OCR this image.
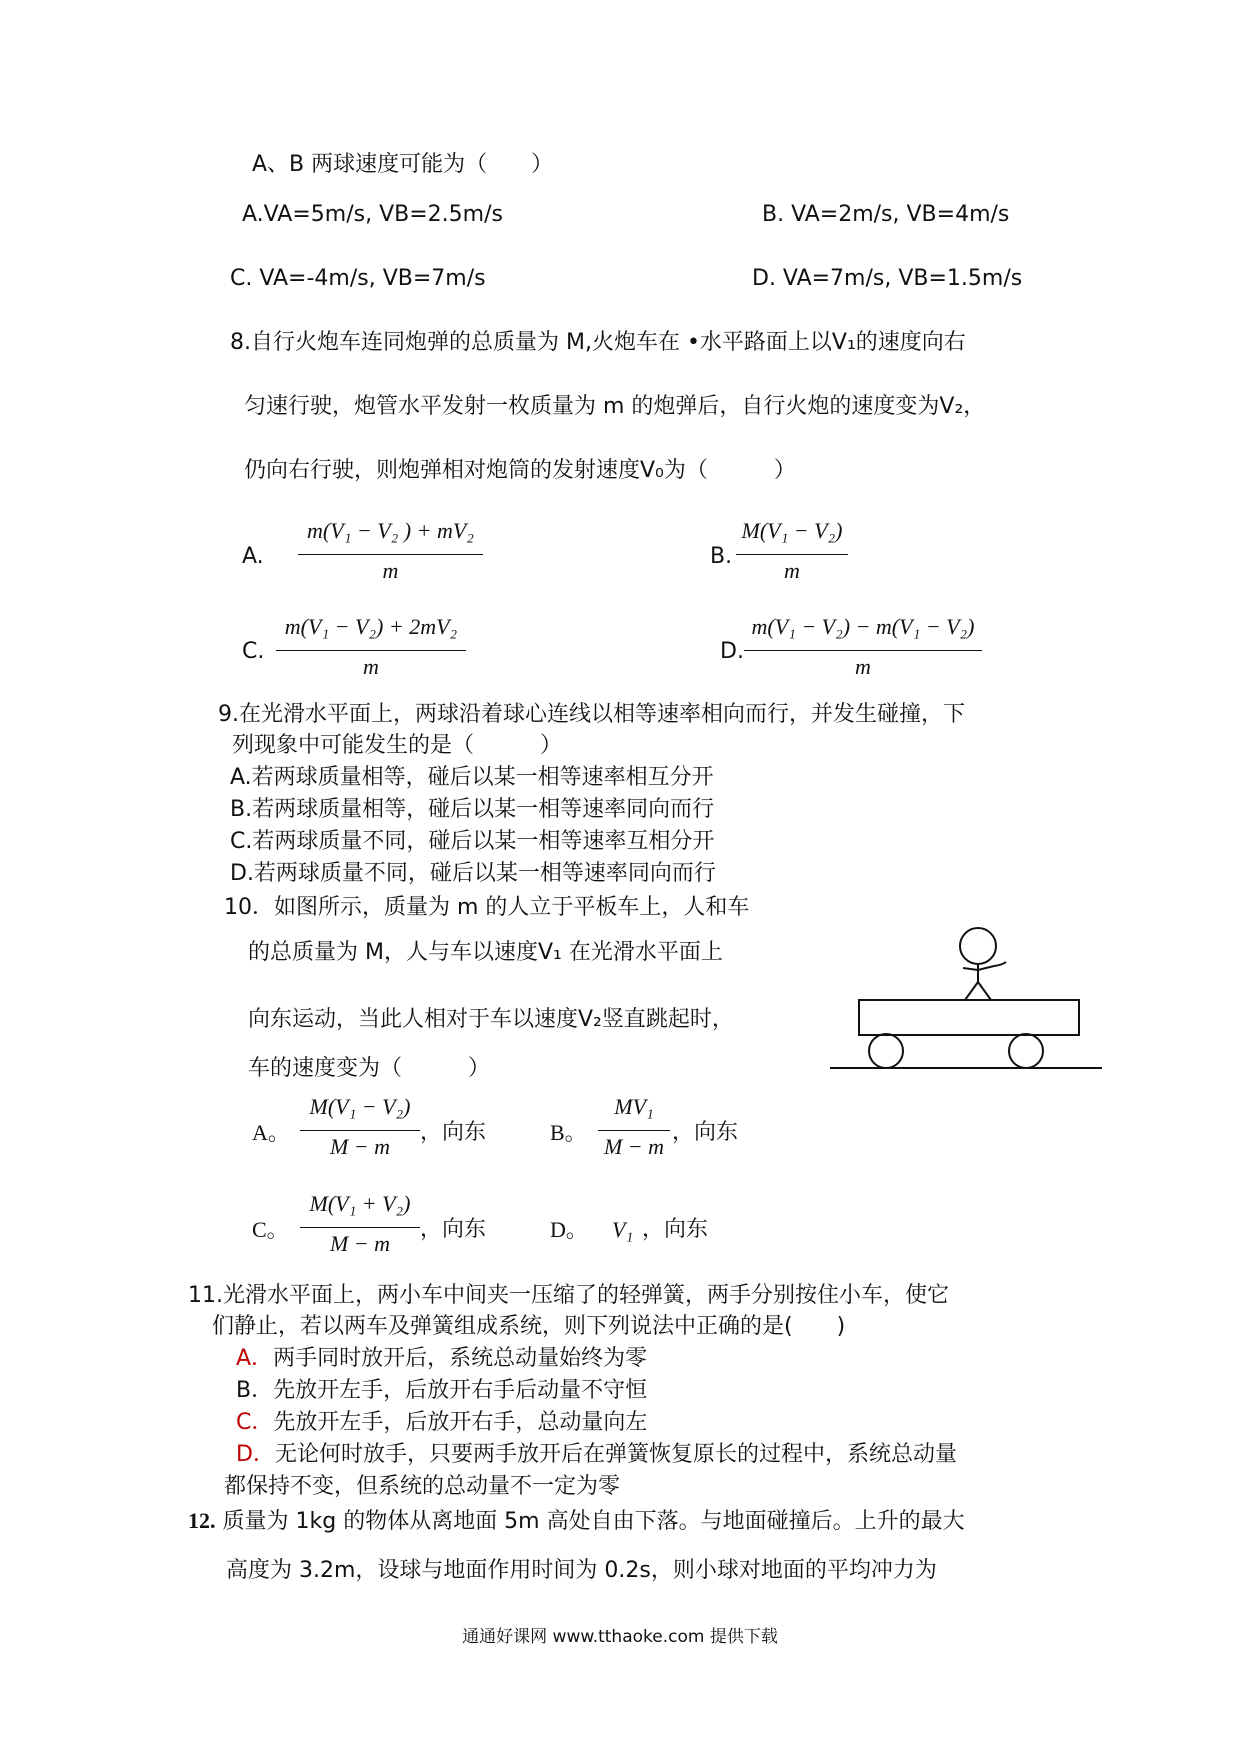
A、B 两球速度可能为（　　）
A.VA=5m/s, VB=2.5m/s	B. VA=2m/s, VB=4m/s
C. VA=-4m/s, VB=7m/s	D. VA=7m/s, VB=1.5m/s
8.自行火炮车连同炮弹的总质量为 M,火炮车在 •水平路面上以V₁的速度向右
匀速行驶，炮管水平发射一枚质量为 m 的炮弹后，自行火炮的速度变为V₂，
仍向右行驶，则炮弹相对炮筒的发射速度V₀为（　　　）
A.
m(V₁ − V₂ ) + mV₂
m
B.
M(V₁ − V₂)
m
C.
m(V₁ − V₂) + 2mV₂
m
D.
m(V₁ − V₂) − m(V₁ − V₂)
m
9.在光滑水平面上，两球沿着球心连线以相等速率相向而行，并发生碰撞，下
列现象中可能发生的是（　　　）
A.若两球质量相等，碰后以某一相等速率相互分开
B.若两球质量相等，碰后以某一相等速率同向而行
C.若两球质量不同，碰后以某一相等速率互相分开
D.若两球质量不同，碰后以某一相等速率同向而行
10．如图所示，质量为 m 的人立于平板车上，人和车
的总质量为 M，人与车以速度V₁ 在光滑水平面上
向东运动，当此人相对于车以速度V₂竖直跳起时，
车的速度变为（　　　）
A。
M(V₁ − V₂)
M − m
，向东	B。
MV₁
M − m
，向东
C。
M(V₁ + V₂)
M − m
，向东	D。 V₁ ，向东
11.光滑水平面上，两小车中间夹一压缩了的轻弹簧，两手分别按住小车，使它
们静止，若以两车及弹簧组成系统，则下列说法中正确的是(　　)
A．两手同时放开后，系统总动量始终为零
B．先放开左手，后放开右手后动量不守恒
C．先放开左手，后放开右手，总动量向左
D．无论何时放手，只要两手放开后在弹簧恢复原长的过程中，系统总动量
都保持不变，但系统的总动量不一定为零
12. 质量为 1kg 的物体从离地面 5m 高处自由下落。与地面碰撞后。上升的最大
高度为 3.2m，设球与地面作用时间为 0.2s，则小球对地面的平均冲力为
通通好课网 www.tthaoke.com 提供下载
